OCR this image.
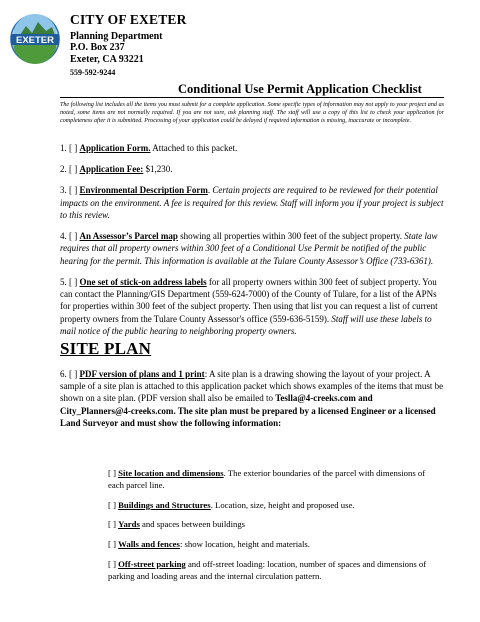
EXETER
CITY OF EXETER
Planning Department
P.O. Box 237
Exeter, CA 93221
559-592-9244
Conditional Use Permit Application Checklist
The following list includes all the items you must submit for a complete application. Some specific types of information may not apply to your project and as noted, some items are not normally required. If you are not sure, ask planning staff. The staff will use a copy of this list to check your application for completeness after it is submitted. Processing of your application could be delayed if required information is missing, inaccurate or incomplete.
1. [ ] Application Form. Attached to this packet.
2. [ ] Application Fee: $1,230.
3. [ ] Environmental Description Form. Certain projects are required to be reviewed for their potential impacts on the environment. A fee is required for this review. Staff will inform you if your project is subject to this review.
4. [ ] An Assessor’s Parcel map showing all properties within 300 feet of the subject property. State law requires that all property owners within 300 feet of a Conditional Use Permit be notified of the public hearing for the permit. This information is available at the Tulare County Assessor’s Office (733-6361).
5. [ ] One set of stick-on address labels for all property owners within 300 feet of subject property. You can contact the Planning/GIS Department (559-624-7000) of the County of Tulare, for a list of the APNs for properties within 300 feet of the subject property. Then using that list you can request a list of current property owners from the Tulare County Assessor's office (559-636-5159). Staff will use these labels to mail notice of the public hearing to neighboring property owners.
SITE PLAN
6. [ ] PDF version of plans and 1 print: A site plan is a drawing showing the layout of your project. A sample of a site plan is attached to this application packet which shows examples of the items that must be shown on a site plan. (PDF version shall also be emailed to Teslla@4-creeks.com and City_Planners@4-creeks.com. The site plan must be prepared by a licensed Engineer or a licensed Land Surveyor and must show the following information:
[ ] Site location and dimensions. The exterior boundaries of the parcel with dimensions of each parcel line.
[ ] Buildings and Structures. Location, size, height and proposed use.
[ ] Yards and spaces between buildings
[ ] Walls and fences: show location, height and materials.
[ ] Off-street parking and off-street loading: location, number of spaces and dimensions of parking and loading areas and the internal circulation pattern.
